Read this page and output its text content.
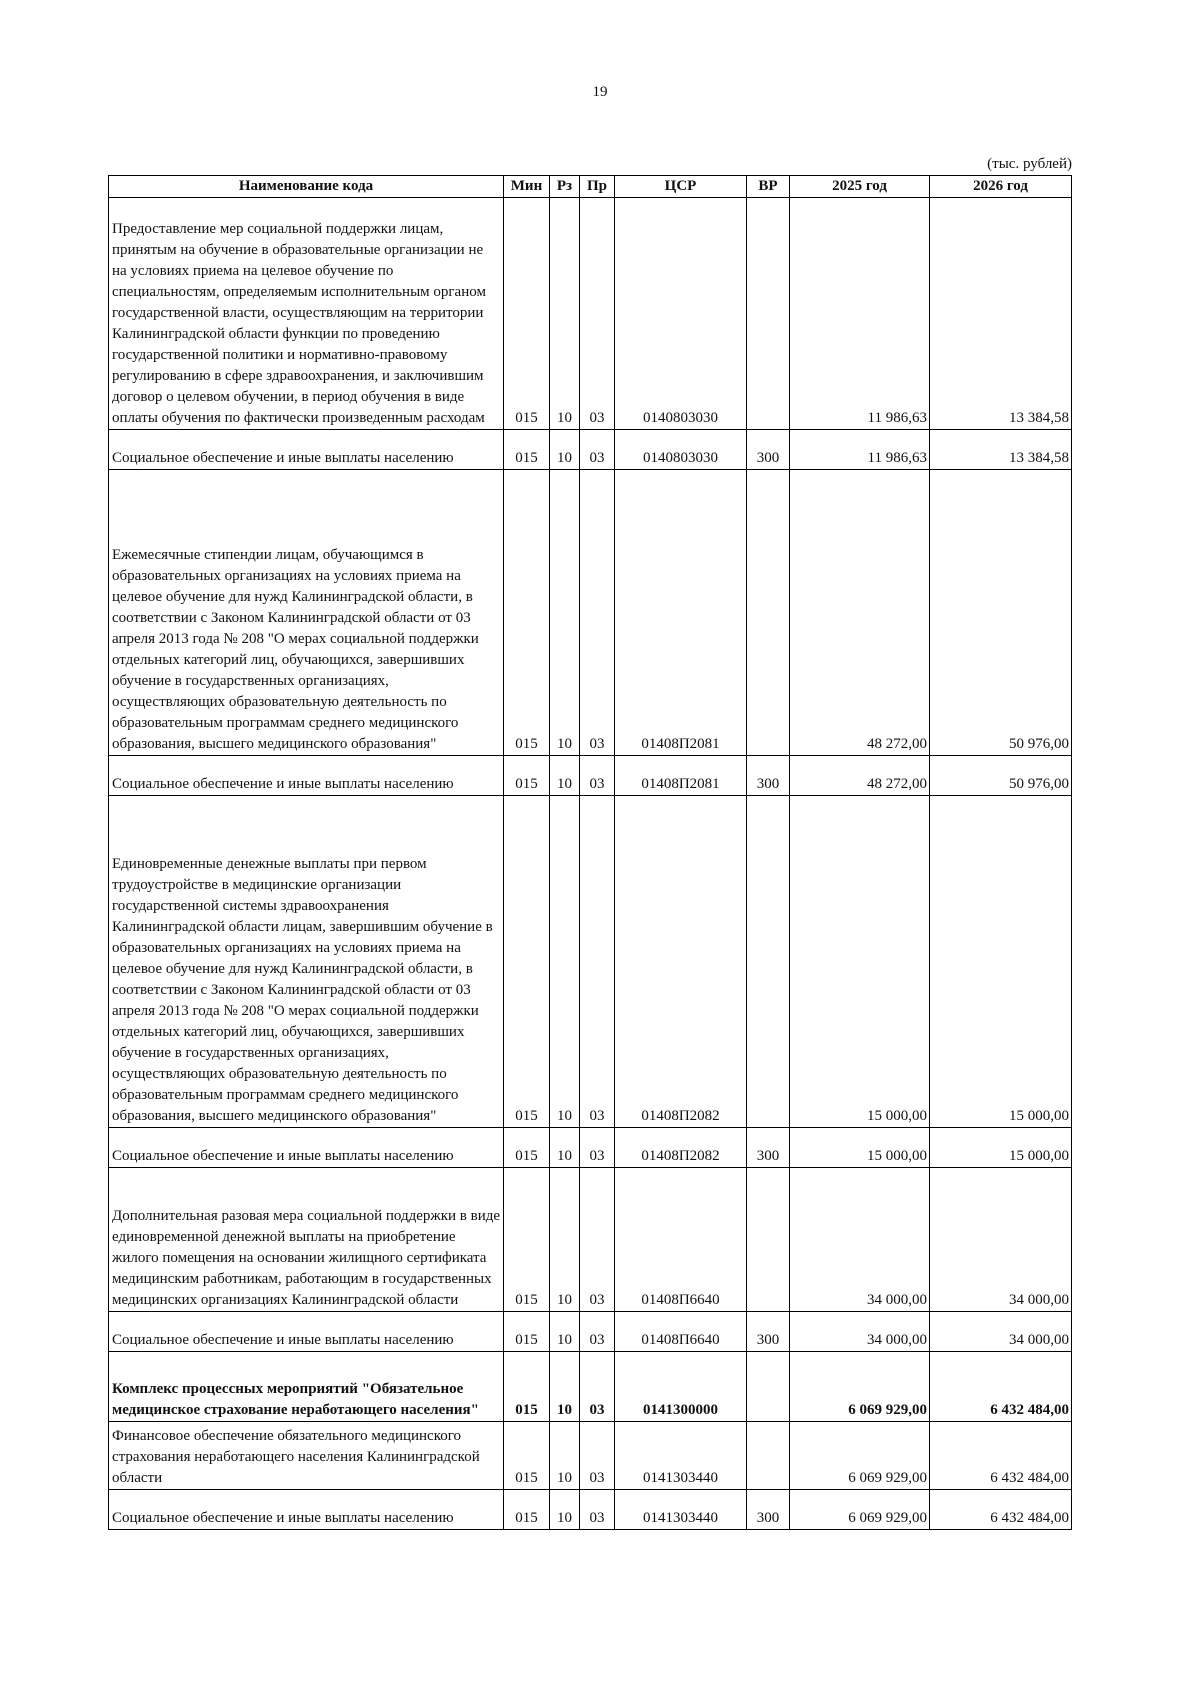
19
(тыс. рублей)
Наименование кода	Мин	Рз	Пр	ЦСР	ВР	2025 год	2026 год
Предоставление мер социальной поддержки лицам, принятым на обучение в образовательные организации не на условиях приема на целевое обучение по специальностям, определяемым исполнительным органом государственной власти, осуществляющим на территории Калининградской области функции по проведению государственной политики и нормативно-правовому регулированию в сфере здравоохранения, и заключившим договор о целевом обучении, в период обучения в виде оплаты обучения по фактически произведенным расходам	015	10	03	0140803030		11 986,63	13 384,58
Социальное обеспечение и иные выплаты населению	015	10	03	0140803030	300	11 986,63	13 384,58
Ежемесячные стипендии лицам, обучающимся в образовательных организациях на условиях приема на целевое обучение для нужд Калининградской области, в соответствии с Законом Калининградской области от 03 апреля 2013 года № 208 "О мерах социальной поддержки отдельных категорий лиц, обучающихся, завершивших обучение в государственных организациях, осуществляющих образовательную деятельность по образовательным программам среднего медицинского образования, высшего медицинского образования"	015	10	03	01408П2081		48 272,00	50 976,00
Социальное обеспечение и иные выплаты населению	015	10	03	01408П2081	300	48 272,00	50 976,00
Единовременные денежные выплаты при первом трудоустройстве в медицинские организации государственной системы здравоохранения Калининградской области лицам, завершившим обучение в образовательных организациях на условиях приема на целевое обучение для нужд Калининградской области, в соответствии с Законом Калининградской области от 03 апреля 2013 года № 208 "О мерах социальной поддержки отдельных категорий лиц, обучающихся, завершивших обучение в государственных организациях, осуществляющих образовательную деятельность по образовательным программам среднего медицинского образования, высшего медицинского образования"	015	10	03	01408П2082		15 000,00	15 000,00
Социальное обеспечение и иные выплаты населению	015	10	03	01408П2082	300	15 000,00	15 000,00
Дополнительная разовая мера социальной поддержки в виде единовременной денежной выплаты на приобретение жилого помещения на основании жилищного сертификата медицинским работникам, работающим в государственных медицинских организациях Калининградской области	015	10	03	01408П6640		34 000,00	34 000,00
Социальное обеспечение и иные выплаты населению	015	10	03	01408П6640	300	34 000,00	34 000,00
Комплекс процессных мероприятий "Обязательное медицинское страхование неработающего населения"	015	10	03	0141300000		6 069 929,00	6 432 484,00
Финансовое обеспечение обязательного медицинского страхования неработающего населения Калининградской области	015	10	03	0141303440		6 069 929,00	6 432 484,00
Социальное обеспечение и иные выплаты населению	015	10	03	0141303440	300	6 069 929,00	6 432 484,00
